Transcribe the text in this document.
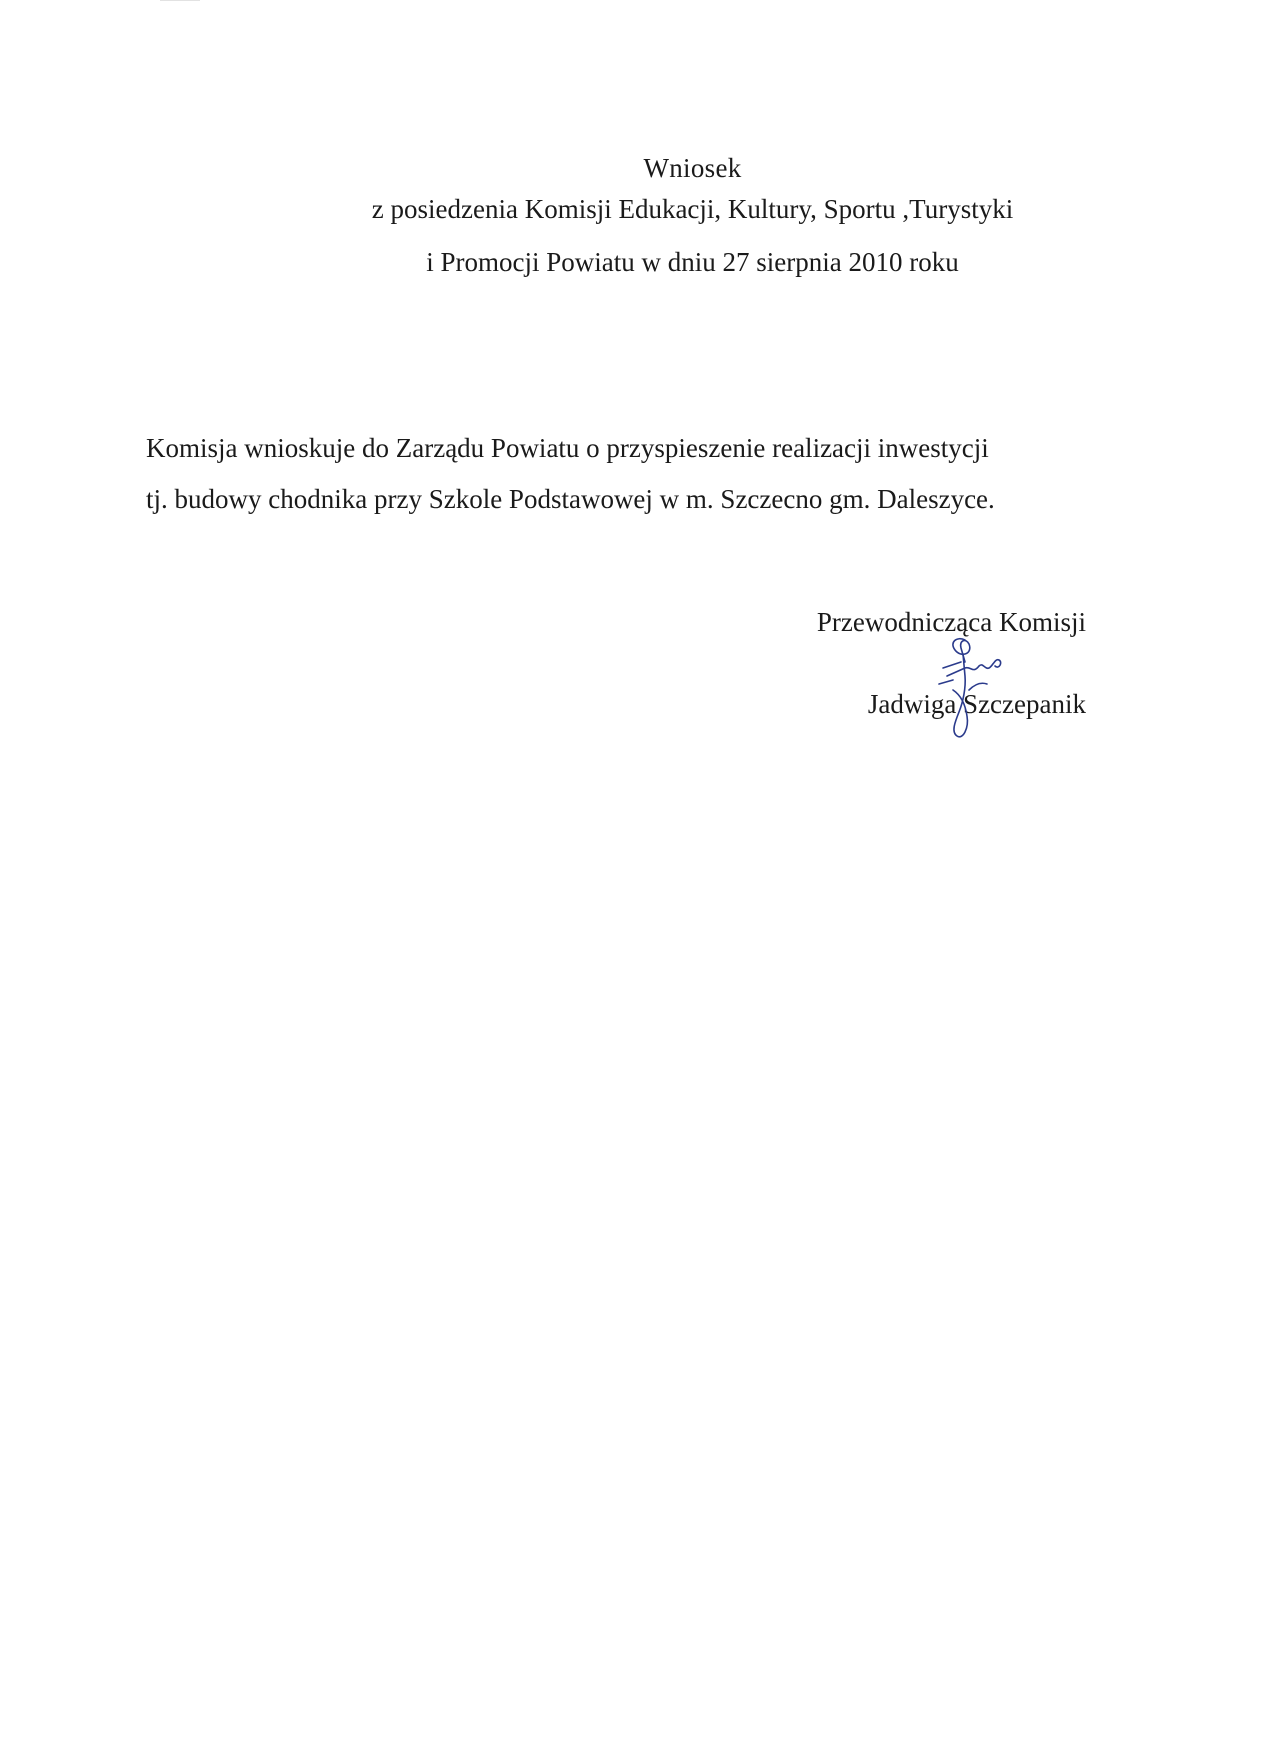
Wniosek
z posiedzenia Komisji Edukacji, Kultury, Sportu ,Turystyki
i Promocji Powiatu w dniu 27 sierpnia 2010 roku
Komisja wnioskuje do Zarządu Powiatu o przyspieszenie realizacji inwestycji
tj. budowy chodnika przy Szkole Podstawowej w m. Szczecno gm. Daleszyce.
Przewodnicząca Komisji
Jadwiga Szczepanik
